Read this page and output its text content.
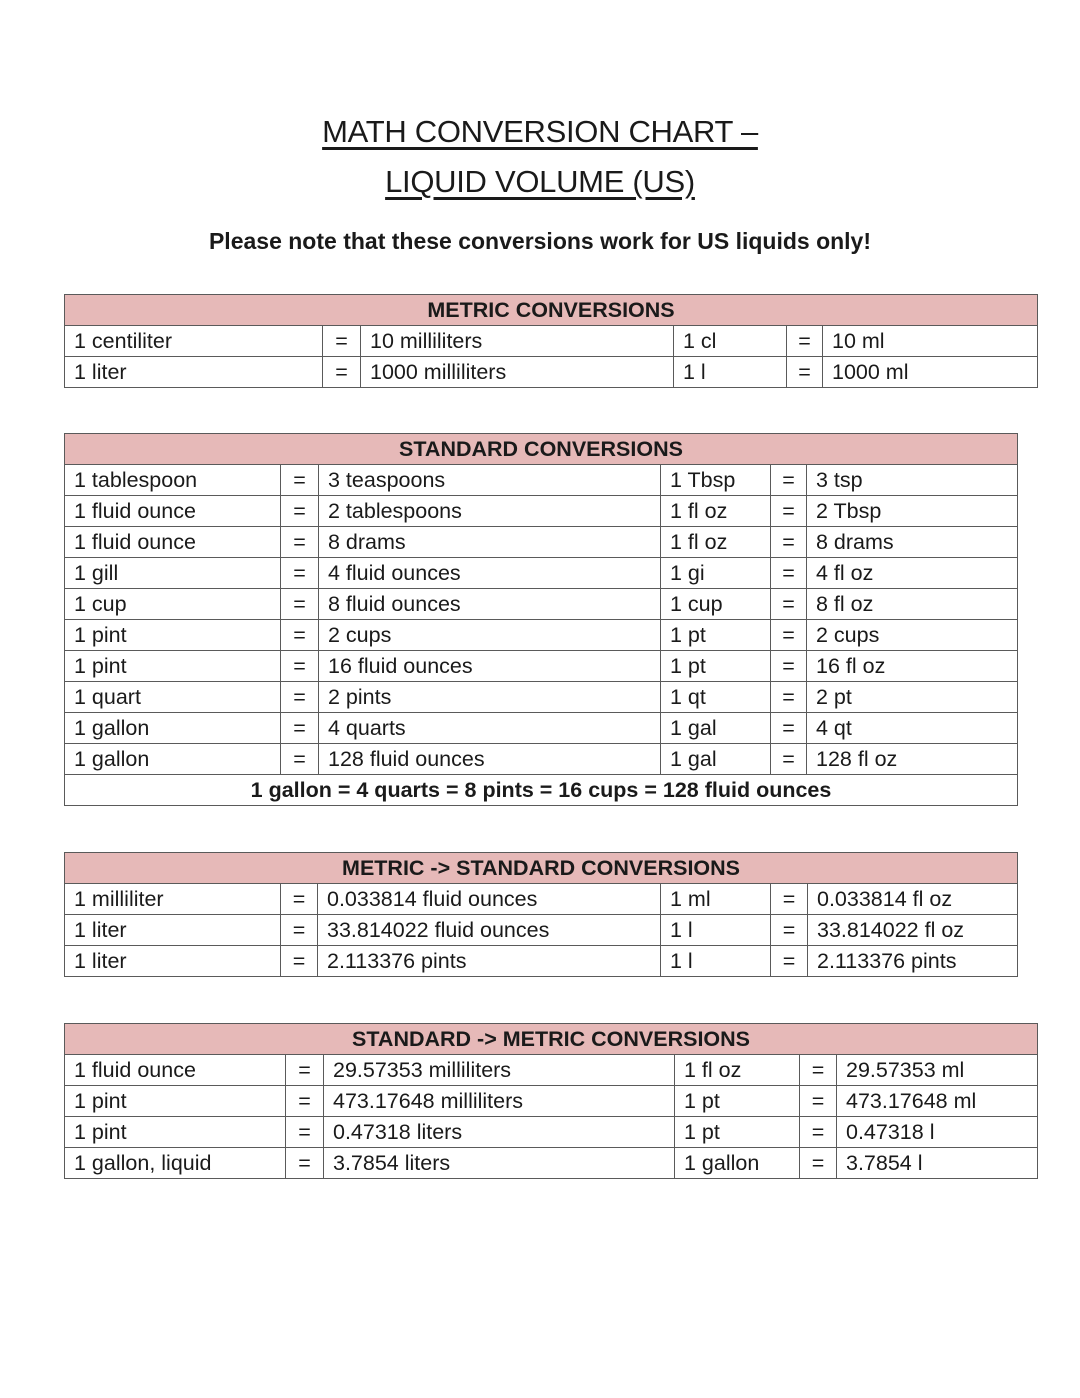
MATH CONVERSION CHART –
LIQUID VOLUME (US)
Please note that these conversions work for US liquids only!
METRIC CONVERSIONS					
1 centiliter	=	10 milliliters	1 cl	=	10 ml
1 liter	=	1000 milliliters	1 l	=	1000 ml
STANDARD CONVERSIONS					
1 tablespoon	=	3 teaspoons	1 Tbsp	=	3 tsp
1 fluid ounce	=	2 tablespoons	1 fl oz	=	2 Tbsp
1 fluid ounce	=	8 drams	1 fl oz	=	8 drams
1 gill	=	4 fluid ounces	1 gi	=	4 fl oz
1 cup	=	8 fluid ounces	1 cup	=	8 fl oz
1 pint	=	2 cups	1 pt	=	2 cups
1 pint	=	16 fluid ounces	1 pt	=	16 fl oz
1 quart	=	2 pints	1 qt	=	2 pt
1 gallon	=	4 quarts	1 gal	=	4 qt
1 gallon	=	128 fluid ounces	1 gal	=	128 fl oz
1 gallon = 4 quarts = 8 pints = 16 cups = 128 fluid ounces					
METRIC -> STANDARD CONVERSIONS					
1 milliliter	=	0.033814 fluid ounces	1 ml	=	0.033814 fl oz
1 liter	=	33.814022 fluid ounces	1 l	=	33.814022 fl oz
1 liter	=	2.113376 pints	1 l	=	2.113376 pints
STANDARD -> METRIC CONVERSIONS					
1 fluid ounce	=	29.57353 milliliters	1 fl oz	=	29.57353 ml
1 pint	=	473.17648 milliliters	1 pt	=	473.17648 ml
1 pint	=	0.47318 liters	1 pt	=	0.47318 l
1 gallon, liquid	=	3.7854 liters	1 gallon	=	3.7854 l
